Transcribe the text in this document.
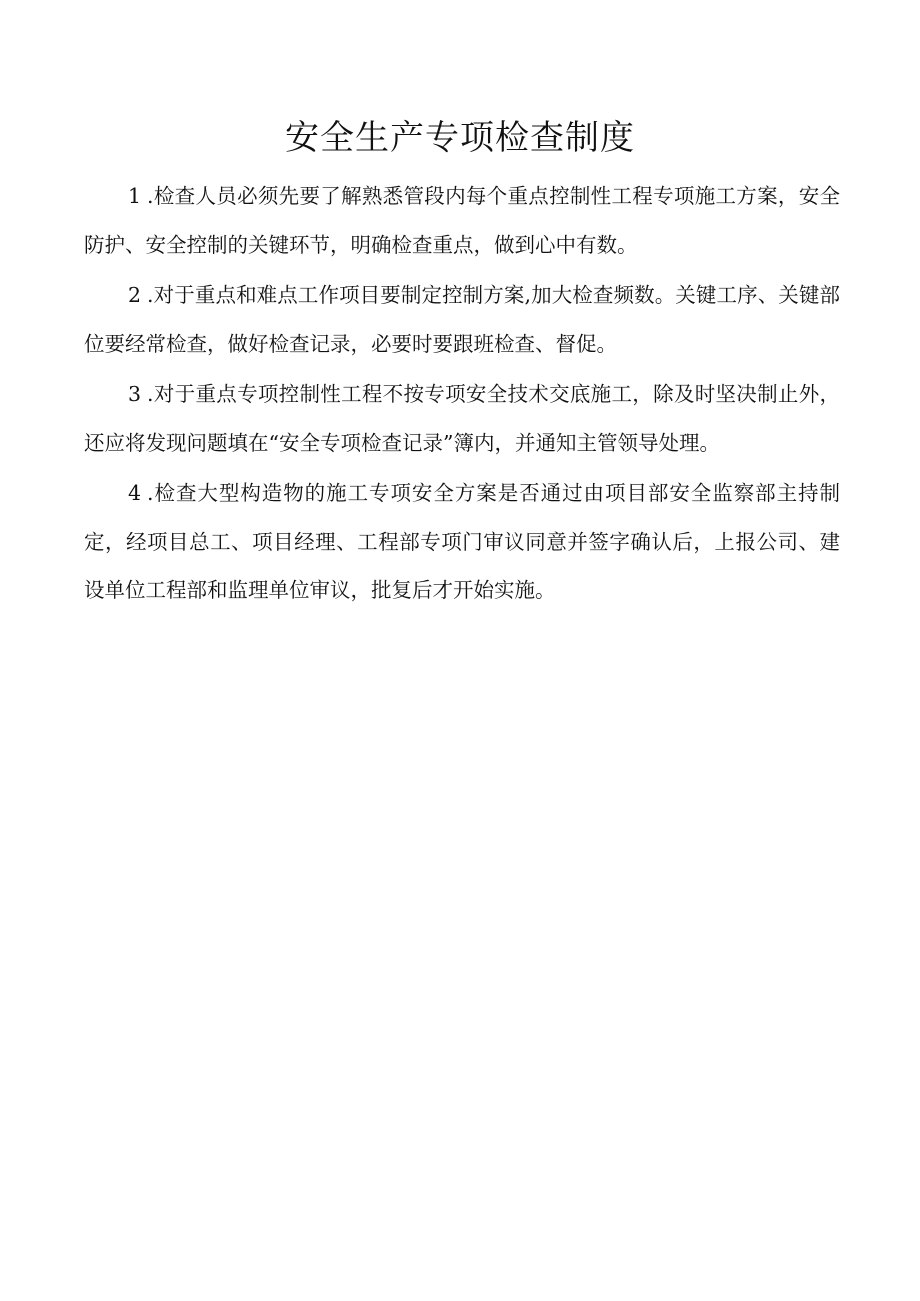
安全生产专项检查制度

1 .检查人员必须先要了解熟悉管段内每个重点控制性工程专项施工方案，安全防护、安全控制的关键环节，明确检查重点，做到心中有数。

2 .对于重点和难点工作项目要制定控制方案,加大检查频数。关键工序、关键部位要经常检查，做好检查记录，必要时要跟班检查、督促。

3 .对于重点专项控制性工程不按专项安全技术交底施工，除及时坚决制止外，还应将发现问题填在“安全专项检查记录”簿内，并通知主管领导处理。

4 .检查大型构造物的施工专项安全方案是否通过由项目部安全监察部主持制定，经项目总工、项目经理、工程部专项门审议同意并签字确认后，上报公司、建设单位工程部和监理单位审议，批复后才开始实施。
